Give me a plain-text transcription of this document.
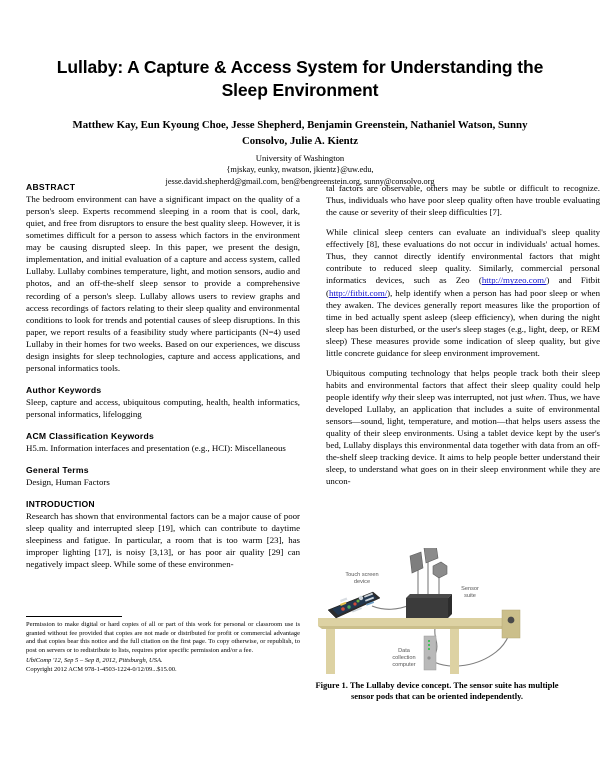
Lullaby: A Capture & Access System for Understanding the Sleep Environment

Matthew Kay, Eun Kyoung Choe, Jesse Shepherd, Benjamin Greenstein, Nathaniel Watson, Sunny Consolvo, Julie A. Kientz

University of Washington

{mjskay, eunky, nwatson, jkientz}@uw.edu,

jesse.david.shepherd@gmail.com, ben@bengreenstein.org, sunny@consolvo.org

ABSTRACT

The bedroom environment can have a significant impact on the quality of a person's sleep. Experts recommend sleeping in a room that is cool, dark, quiet, and free from disruptors to ensure the best quality sleep. However, it is sometimes difficult for a person to assess which factors in the environment may be causing disrupted sleep. In this paper, we present the design, implementation, and initial evaluation of a capture and access system, called Lullaby. Lullaby combines temperature, light, and motion sensors, audio and photos, and an off-the-shelf sleep sensor to provide a comprehensive recording of a person's sleep. Lullaby allows users to review graphs and access recordings of factors relating to their sleep quality and environmental conditions to look for trends and potential causes of sleep disruptions. In this paper, we report results of a feasibility study where participants (N=4) used Lullaby in their homes for two weeks. Based on our experiences, we discuss design insights for sleep technologies, capture and access applications, and personal informatics tools.

Author Keywords

Sleep, capture and access, ubiquitous computing, health, health informatics, personal informatics, lifelogging

ACM Classification Keywords

H5.m. Information interfaces and presentation (e.g., HCI): Miscellaneous

General Terms

Design, Human Factors

INTRODUCTION

Research has shown that environmental factors can be a major cause of poor sleep quality and interrupted sleep [19], which can contribute to daytime sleepiness and fatigue. In particular, a room that is too warm [23], has improper lighting [17], is noisy [3,13], or has poor air quality [29] can negatively impact sleep. While some of these environmen-

tal factors are observable, others may be subtle or difficult to recognize. Thus, individuals who have poor sleep quality often have trouble evaluating the cause or severity of their sleep difficulties [7].

While clinical sleep centers can evaluate an individual's sleep quality effectively [8], these evaluations do not occur in individuals' actual homes. Thus, they cannot directly identify environmental factors that might contribute to reduced sleep quality. Similarly, commercial personal informatics devices, such as Zeo (http://myzeo.com/) and Fitbit (http://fitbit.com/), help identify when a person has had poor sleep or when they awaken. The devices generally report measures like the proportion of time in bed actually spent asleep (sleep efficiency), when during the night sleep has been disturbed, or the user's sleep stages (e.g., light, deep, or REM sleep) These measures provide some indication of sleep quality, but give little concrete guidance for sleep environment improvement.

Ubiquitous computing technology that helps people track both their sleep habits and environmental factors that affect their sleep quality could help people identify why their sleep was interrupted, not just when. Thus, we have developed Lullaby, an application that includes a suite of environmental sensors—sound, light, temperature, and motion—that helps users assess the quality of their sleep environments. Using a tablet device kept by the user's bed, Lullaby displays this environmental data together with data from an off-the-shelf sleep tracking device. It aims to help people better understand their sleep, to understand what goes on in their sleep environment while they are uncon-

Permission to make digital or hard copies of all or part of this work for personal or classroom use is granted without fee provided that copies are not made or distributed for profit or commercial advantage and that copies bear this notice and the full citation on the first page. To copy otherwise, or republish, to post on servers or to redistribute to lists, requires prior specific permission and/or a fee.

UbiComp '12, Sep 5 – Sep 8, 2012, Pittsburgh, USA.

Copyright 2012 ACM 978-1-4503-1224-0/12/09...$15.00.

Touch screen
device
Sensor
suite
Data
collection
computer

Figure 1. The Lullaby device concept. The sensor suite has multiple sensor pods that can be oriented independently.
